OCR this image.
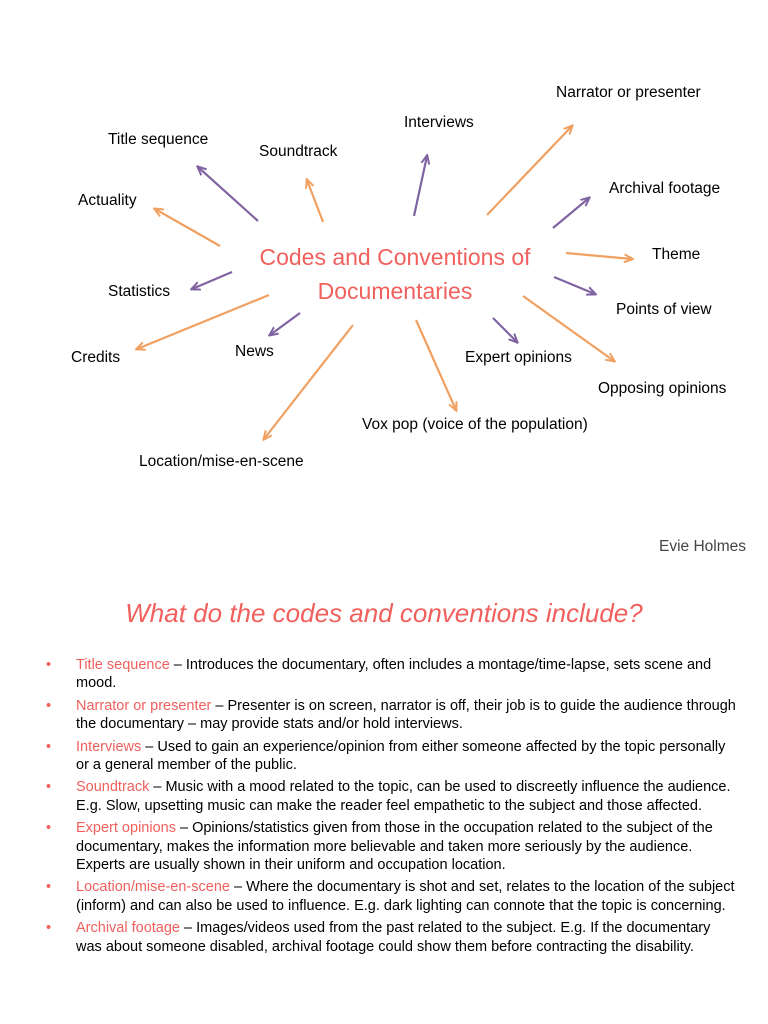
Narrator or presenter
Interviews
Title sequence
Soundtrack
Archival footage
Actuality
Theme
Statistics
Points of view
Credits	News	Expert opinions
Opposing opinions
Vox pop (voice of the population)
Location/mise-en-scene
Codes and Conventions of Documentaries
Evie Holmes
What do the codes and conventions include?
• Title sequence – Introduces the documentary, often includes a montage/time-lapse, sets scene and mood.
• Narrator or presenter – Presenter is on screen, narrator is off, their job is to guide the audience through the documentary – may provide stats and/or hold interviews.
• Interviews – Used to gain an experience/opinion from either someone affected by the topic personally or a general member of the public.
• Soundtrack – Music with a mood related to the topic, can be used to discreetly influence the audience. E.g. Slow, upsetting music can make the reader feel empathetic to the subject and those affected.
• Expert opinions – Opinions/statistics given from those in the occupation related to the subject of the documentary, makes the information more believable and taken more seriously by the audience. Experts are usually shown in their uniform and occupation location.
• Location/mise-en-scene – Where the documentary is shot and set, relates to the location of the subject (inform) and can also be used to influence. E.g. dark lighting can connote that the topic is concerning.
• Archival footage – Images/videos used from the past related to the subject. E.g. If the documentary was about someone disabled, archival footage could show them before contracting the disability.
